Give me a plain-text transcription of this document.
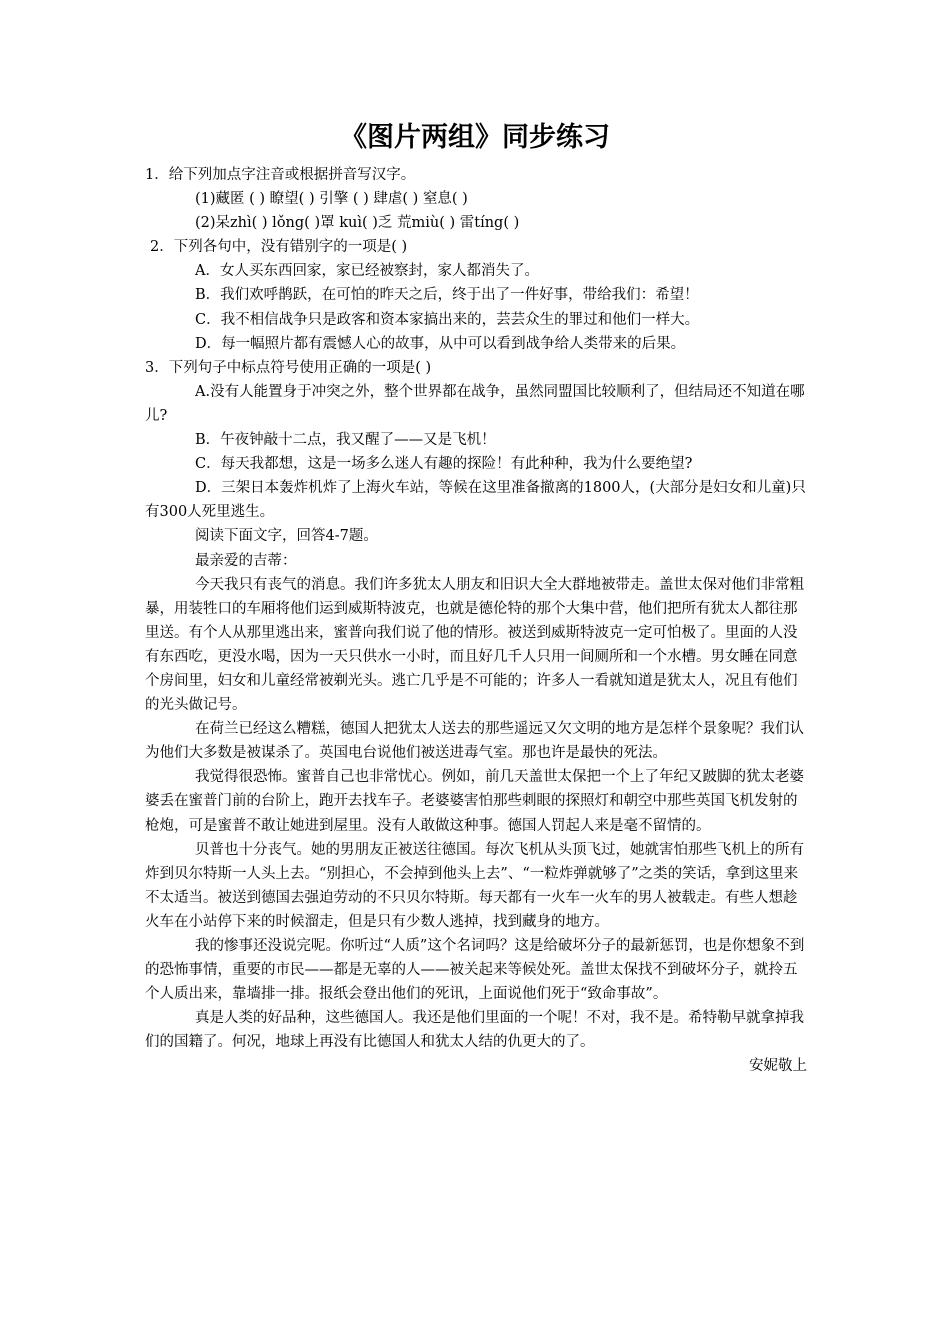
《图片两组》同步练习

1．给下列加点字注音或根据拼音写汉字。

(1)藏匿 ( ) 瞭望( ) 引擎 ( ) 肆虐( ) 窒息( )

(2)呆zhì( ) lǒng( )罩 kuì( )乏 荒miù( ) 雷tíng( )

2．下列各句中，没有错别字的一项是( )

A．女人买东西回家，家已经被察封，家人都消失了。

B．我们欢呼鹊跃，在可怕的昨天之后，终于出了一件好事，带给我们：希望！

C．我不相信战争只是政客和资本家搞出来的，芸芸众生的罪过和他们一样大。

D．每一幅照片都有震憾人心的故事，从中可以看到战争给人类带来的后果。

3．下列句子中标点符号使用正确的一项是( )

A.没有人能置身于冲突之外，整个世界都在战争，虽然同盟国比较顺利了，但结局还不知道在哪儿?

B．午夜钟敲十二点，我又醒了——又是飞机！

C．每天我都想，这是一场多么迷人有趣的探险！有此种种，我为什么要绝望?

D．三架日本轰炸机炸了上海火车站，等候在这里准备撤离的1800人，(大部分是妇女和儿童)只有300人死里逃生。

阅读下面文字，回答4-7题。

最亲爱的吉蒂：

今天我只有丧气的消息。我们许多犹太人朋友和旧识大全大群地被带走。盖世太保对他们非常粗暴，用装牲口的车厢将他们运到威斯特波克，也就是德伦特的那个大集中营，他们把所有犹太人都往那里送。有个人从那里逃出来，蜜普向我们说了他的情形。被送到威斯特波克一定可怕极了。里面的人没有东西吃，更没水喝，因为一天只供水一小时，而且好几千人只用一间厕所和一个水槽。男女睡在同意个房间里，妇女和儿童经常被剃光头。逃亡几乎是不可能的；许多人一看就知道是犹太人，况且有他们的光头做记号。

在荷兰已经这么糟糕，德国人把犹太人送去的那些遥远又欠文明的地方是怎样个景象呢？我们认为他们大多数是被谋杀了。英国电台说他们被送进毒气室。那也许是最快的死法。

我觉得很恐怖。蜜普自己也非常忧心。例如，前几天盖世太保把一个上了年纪又跛脚的犹太老婆婆丢在蜜普门前的台阶上，跑开去找车子。老婆婆害怕那些刺眼的探照灯和朝空中那些英国飞机发射的枪炮，可是蜜普不敢让她进到屋里。没有人敢做这种事。德国人罚起人来是毫不留情的。

贝普也十分丧气。她的男朋友正被送往德国。每次飞机从头顶飞过，她就害怕那些飞机上的所有炸到贝尔特斯一人头上去。“别担心，不会掉到他头上去”、“一粒炸弹就够了”之类的笑话，拿到这里来不太适当。被送到德国去强迫劳动的不只贝尔特斯。每天都有一火车一火车的男人被载走。有些人想趁火车在小站停下来的时候溜走，但是只有少数人逃掉，找到藏身的地方。

我的惨事还没说完呢。你听过“人质”这个名词吗？这是给破坏分子的最新惩罚，也是你想象不到的恐怖事情，重要的市民——都是无辜的人——被关起来等候处死。盖世太保找不到破坏分子，就拎五个人质出来，靠墙排一排。报纸会登出他们的死讯，上面说他们死于“致命事故”。

真是人类的好品种，这些德国人。我还是他们里面的一个呢！不对，我不是。希特勒早就拿掉我们的国籍了。何况，地球上再没有比德国人和犹太人结的仇更大的了。

安妮敬上
